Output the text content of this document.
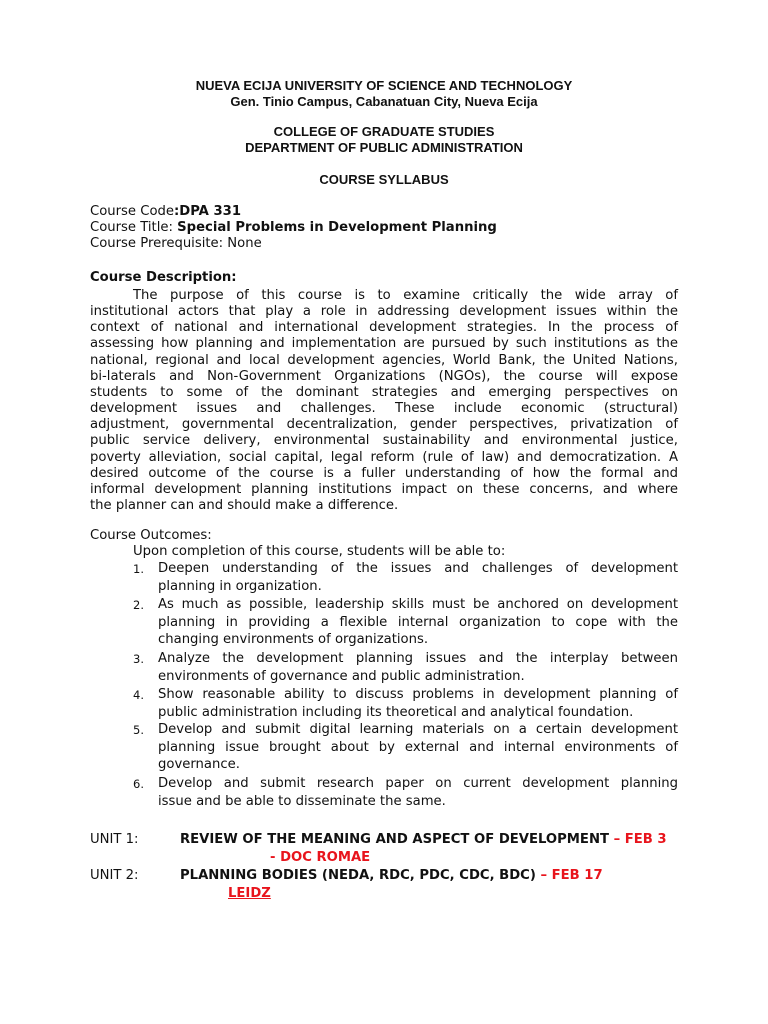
NUEVA ECIJA UNIVERSITY OF SCIENCE AND TECHNOLOGY
Gen. Tinio Campus, Cabanatuan City, Nueva Ecija
COLLEGE OF GRADUATE STUDIES
DEPARTMENT OF PUBLIC ADMINISTRATION
COURSE SYLLABUS
Course Code:DPA 331
Course Title: Special Problems in Development Planning
Course Prerequisite: None
Course Description:
The purpose of this course is to examine critically the wide array of
institutional actors that play a role in addressing development issues within the
context of national and international development strategies. In the process of
assessing how planning and implementation are pursued by such institutions as the
national, regional and local development agencies, World Bank, the United Nations,
bi-laterals and Non-Government Organizations (NGOs), the course will expose
students to some of the dominant strategies and emerging perspectives on
development issues and challenges. These include economic (structural)
adjustment, governmental decentralization, gender perspectives, privatization of
public service delivery, environmental sustainability and environmental justice,
poverty alleviation, social capital, legal reform (rule of law) and democratization. A
desired outcome of the course is a fuller understanding of how the formal and
informal development planning institutions impact on these concerns, and where
the planner can and should make a difference.
Course Outcomes:
Upon completion of this course, students will be able to:
1. Deepen understanding of the issues and challenges of development
planning in organization.
2. As much as possible, leadership skills must be anchored on development
planning in providing a flexible internal organization to cope with the
changing environments of organizations.
3. Analyze the development planning issues and the interplay between
environments of governance and public administration.
4. Show reasonable ability to discuss problems in development planning of
public administration including its theoretical and analytical foundation.
5. Develop and submit digital learning materials on a certain development
planning issue brought about by external and internal environments of
governance.
6. Develop and submit research paper on current development planning
issue and be able to disseminate the same.
UNIT 1:	REVIEW OF THE MEANING AND ASPECT OF DEVELOPMENT – FEB 3
- DOC ROMAE
UNIT 2:	PLANNING BODIES (NEDA, RDC, PDC, CDC, BDC) – FEB 17
LEIDZ
